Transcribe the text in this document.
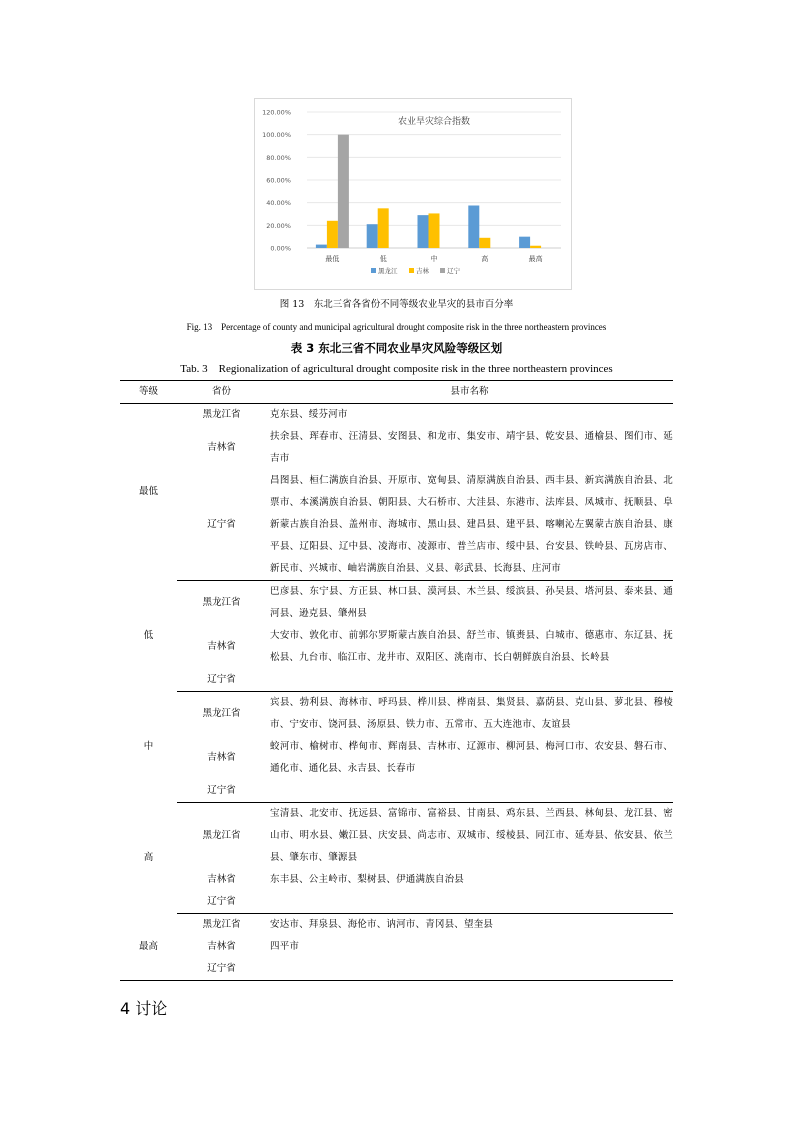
0.00%
20.00%
40.00%
60.00%
80.00%
100.00%
120.00%
农业旱灾综合指数
最低	低	中	高	最高
黑龙江	吉林	辽宁
图 13　东北三省各省份不同等级农业旱灾的县市百分率
Fig. 13　Percentage of county and municipal agricultural drought composite risk in the three northeastern provinces
表 3 东北三省不同农业旱灾风险等级区划
Tab. 3　Regionalization of agricultural drought composite risk in the three northeastern provinces
等级	省份	县市名称
最低	黑龙江省	克东县、绥芬河市
	吉林省	扶余县、珲春市、汪清县、安图县、和龙市、集安市、靖宇县、乾安县、通榆县、图们市、延吉市
	辽宁省	昌图县、桓仁满族自治县、开原市、宽甸县、清原满族自治县、西丰县、新宾满族自治县、北票市、本溪满族自治县、朝阳县、大石桥市、大洼县、东港市、法库县、凤城市、抚顺县、阜新蒙古族自治县、盖州市、海城市、黑山县、建昌县、建平县、喀喇沁左翼蒙古族自治县、康平县、辽阳县、辽中县、凌海市、凌源市、普兰店市、绥中县、台安县、铁岭县、瓦房店市、新民市、兴城市、岫岩满族自治县、义县、彰武县、长海县、庄河市
低	黑龙江省	巴彦县、东宁县、方正县、林口县、漠河县、木兰县、绥滨县、孙吴县、塔河县、泰来县、通河县、逊克县、肇州县
	吉林省	大安市、敦化市、前郭尔罗斯蒙古族自治县、舒兰市、镇赉县、白城市、德惠市、东辽县、抚松县、九台市、临江市、龙井市、双阳区、洮南市、长白朝鲜族自治县、长岭县
	辽宁省	
中	黑龙江省	宾县、勃利县、海林市、呼玛县、桦川县、桦南县、集贤县、嘉荫县、克山县、萝北县、穆棱市、宁安市、饶河县、汤原县、铁力市、五常市、五大连池市、友谊县
	吉林省	蛟河市、榆树市、桦甸市、辉南县、吉林市、辽源市、柳河县、梅河口市、农安县、磐石市、通化市、通化县、永吉县、长春市
	辽宁省	
高	黑龙江省	宝清县、北安市、抚远县、富锦市、富裕县、甘南县、鸡东县、兰西县、林甸县、龙江县、密山市、明水县、嫩江县、庆安县、尚志市、双城市、绥棱县、同江市、延寿县、依安县、依兰县、肇东市、肇源县
	吉林省	东丰县、公主岭市、梨树县、伊通满族自治县
	辽宁省	
最高	黑龙江省	安达市、拜泉县、海伦市、讷河市、青冈县、望奎县
	吉林省	四平市
	辽宁省	
4 讨论
